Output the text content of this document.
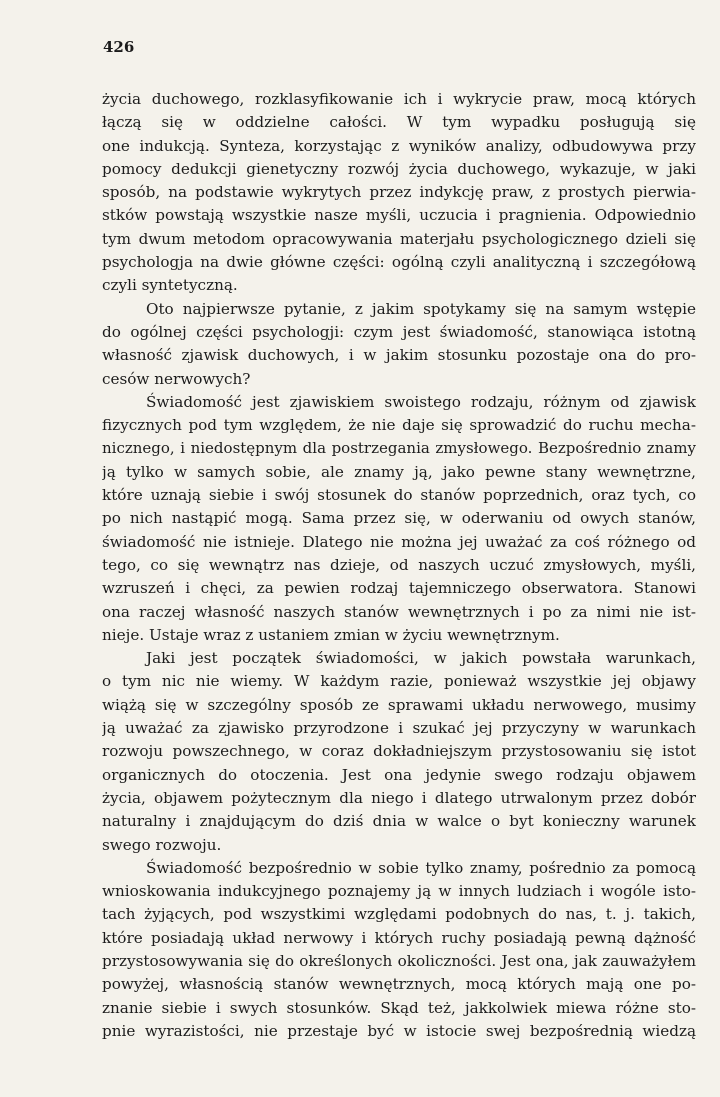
426
życia duchowego, rozklasyfikowanie ich i wykrycie praw, mocą których
łączą się w oddzielne całości. W tym wypadku posługują się
one indukcją. Synteza, korzystając z wyników analizy, odbudowywa przy
pomocy dedukcji gienetyczny rozwój życia duchowego, wykazuje, w jaki
sposób, na podstawie wykrytych przez indykcję praw, z prostych pierwia-
stków powstają wszystkie nasze myśli, uczucia i pragnienia. Odpowiednio
tym dwum metodom opracowywania materjału psychologicznego dzieli się
psychologja na dwie główne części: ogólną czyli analityczną i szczegółową
czyli syntetyczną.
Oto najpierwsze pytanie, z jakim spotykamy się na samym wstępie
do ogólnej części psychologji: czym jest świadomość, stanowiąca istotną
własność zjawisk duchowych, i w jakim stosunku pozostaje ona do pro-
cesów nerwowych?
Świadomość jest zjawiskiem swoistego rodzaju, różnym od zjawisk
fizycznych pod tym względem, że nie daje się sprowadzić do ruchu mecha-
nicznego, i niedostępnym dla postrzegania zmysłowego. Bezpośrednio znamy
ją tylko w samych sobie, ale znamy ją, jako pewne stany wewnętrzne,
które uznają siebie i swój stosunek do stanów poprzednich, oraz tych, co
po nich nastąpić mogą. Sama przez się, w oderwaniu od owych stanów,
świadomość nie istnieje. Dlatego nie można jej uważać za coś różnego od
tego, co się wewnątrz nas dzieje, od naszych uczuć zmysłowych, myśli,
wzruszeń i chęci, za pewien rodzaj tajemniczego obserwatora. Stanowi
ona raczej własność naszych stanów wewnętrznych i po za nimi nie ist-
nieje. Ustaje wraz z ustaniem zmian w życiu wewnętrznym.
Jaki jest początek świadomości, w jakich powstała warunkach,
o tym nic nie wiemy. W każdym razie, ponieważ wszystkie jej objawy
wiążą się w szczególny sposób ze sprawami układu nerwowego, musimy
ją uważać za zjawisko przyrodzone i szukać jej przyczyny w warunkach
rozwoju powszechnego, w coraz dokładniejszym przystosowaniu się istot
organicznych do otoczenia. Jest ona jedynie swego rodzaju objawem
życia, objawem pożytecznym dla niego i dlatego utrwalonym przez dobór
naturalny i znajdującym do dziś dnia w walce o byt konieczny warunek
swego rozwoju.
Świadomość bezpośrednio w sobie tylko znamy, pośrednio za pomocą
wnioskowania indukcyjnego poznajemy ją w innych ludziach i wogóle isto-
tach żyjących, pod wszystkimi względami podobnych do nas, t. j. takich,
które posiadają układ nerwowy i których ruchy posiadają pewną dążność
przystosowywania się do określonych okoliczności. Jest ona, jak zauważyłem
powyżej, własnością stanów wewnętrznych, mocą których mają one po-
znanie siebie i swych stosunków. Skąd też, jakkolwiek miewa różne sto-
pnie wyrazistości, nie przestaje być w istocie swej bezpośrednią wiedzą
